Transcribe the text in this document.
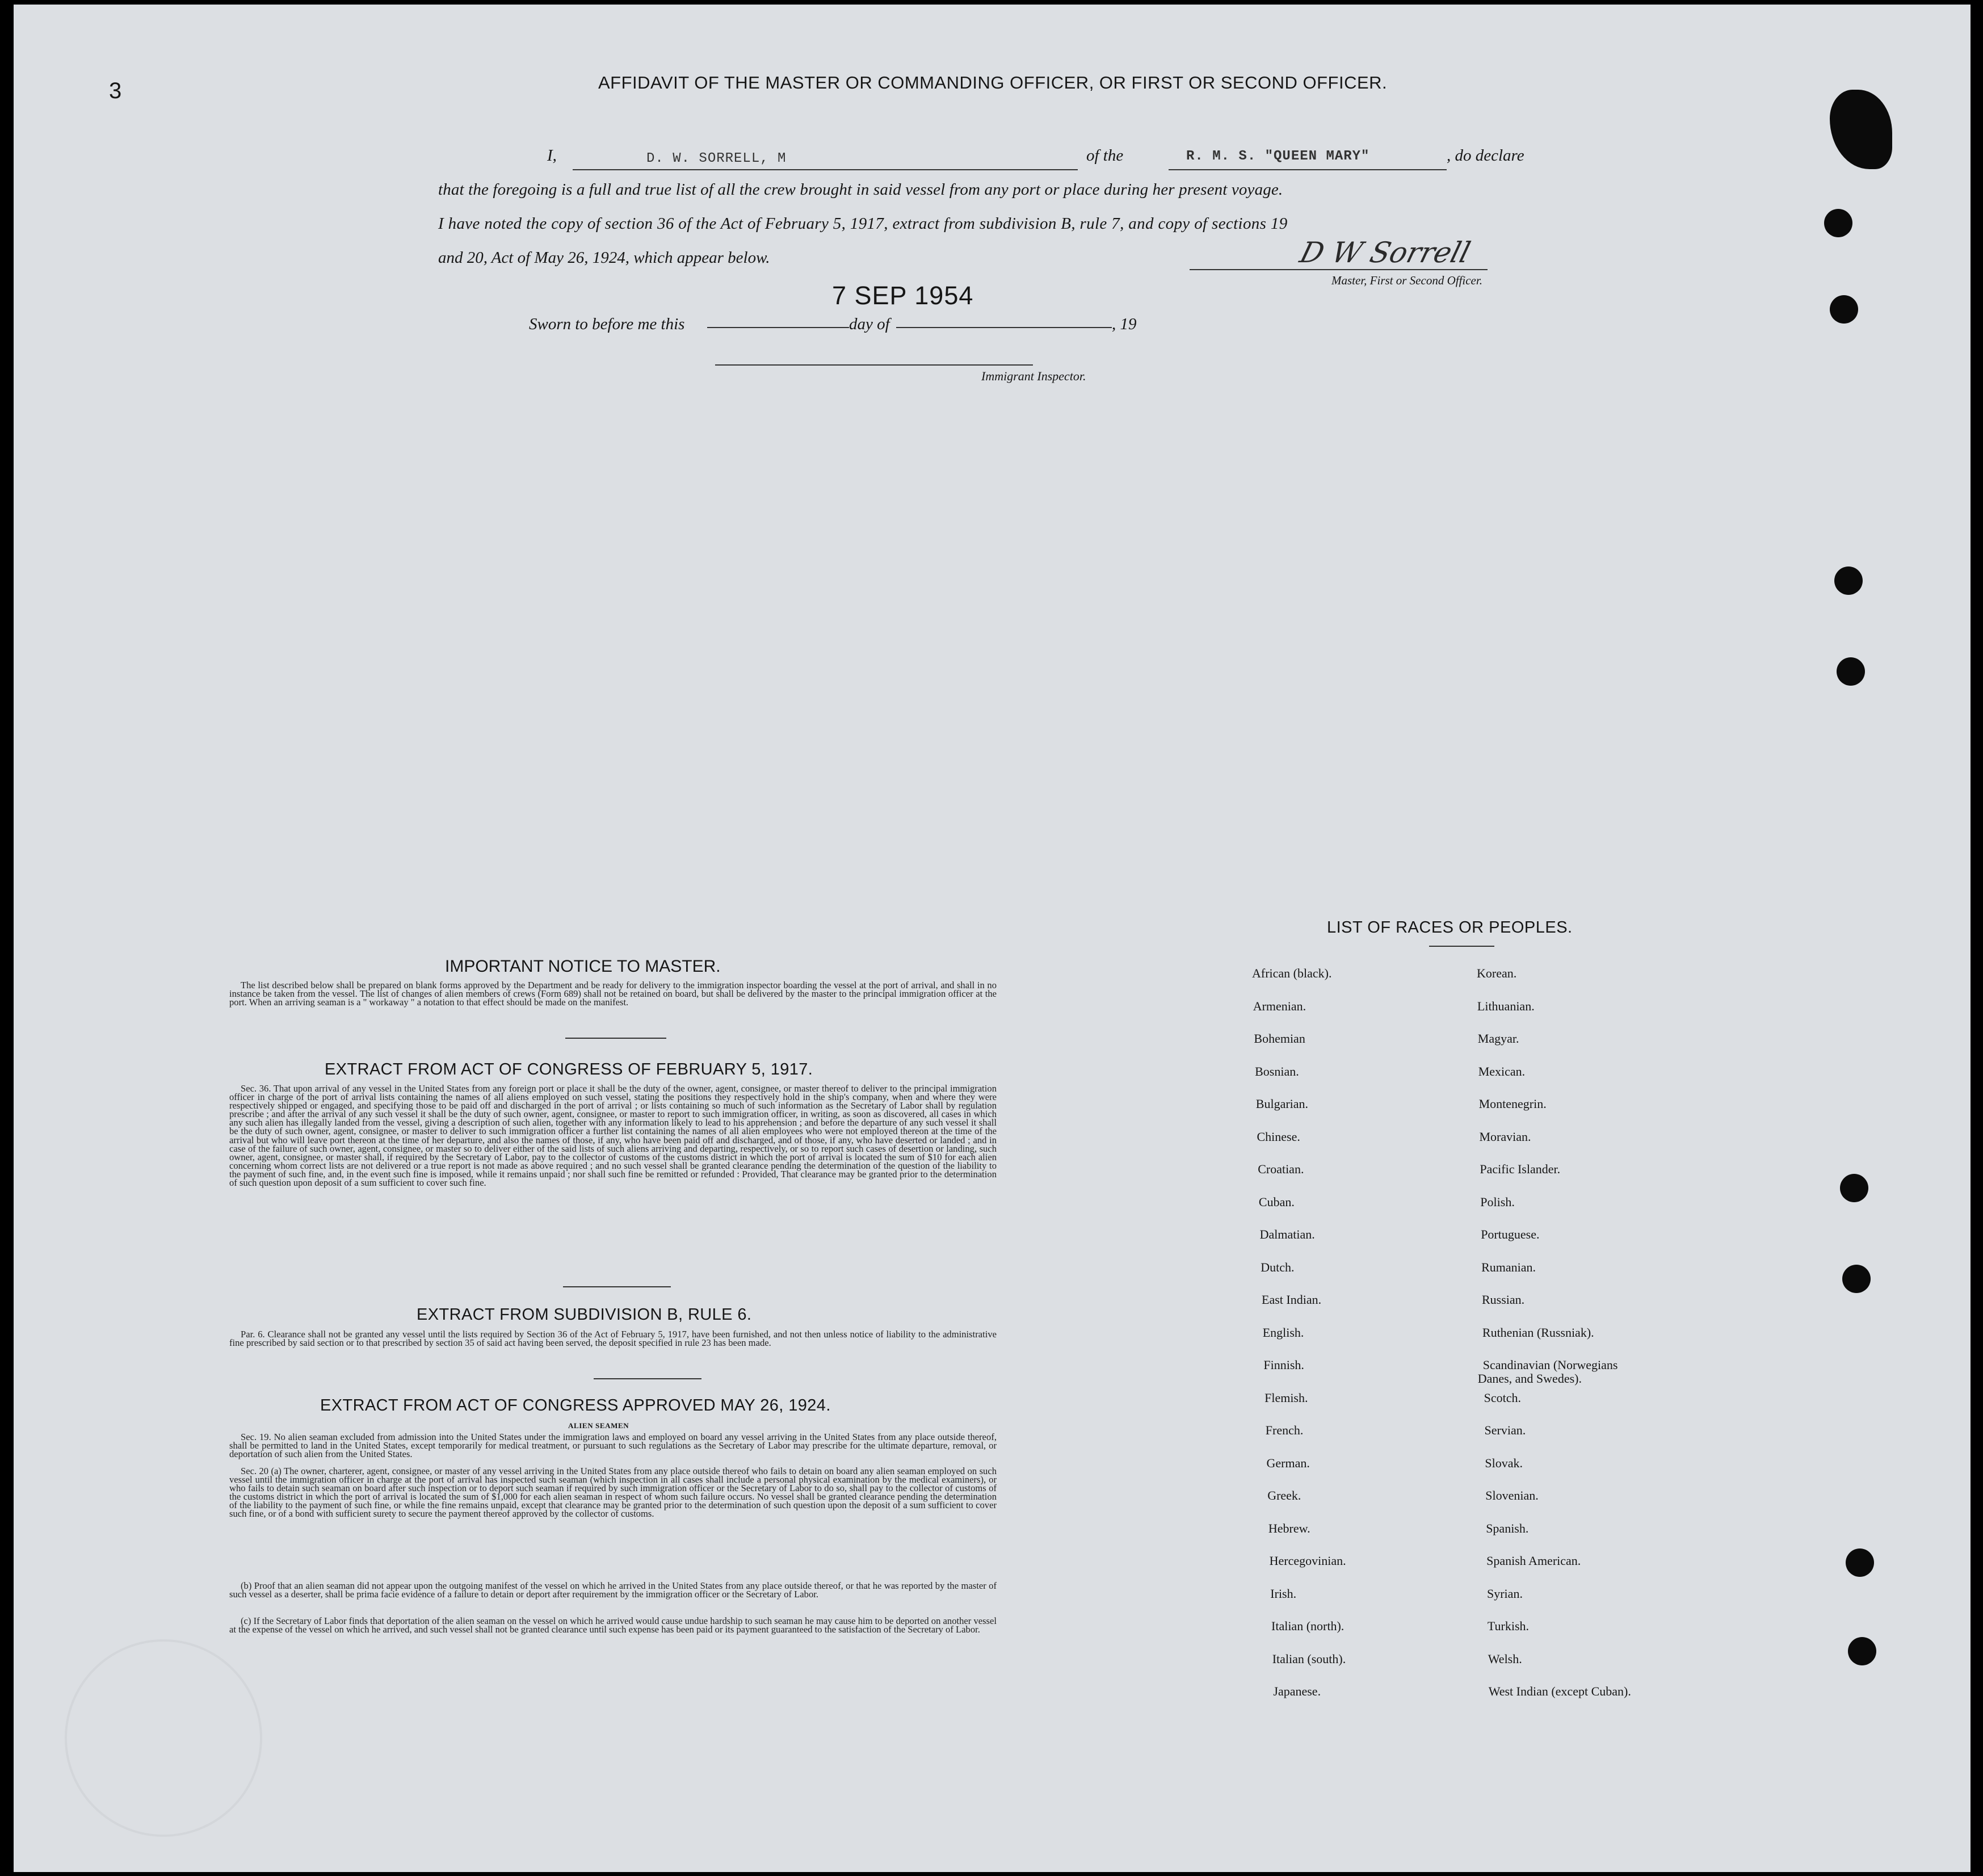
3	AFFIDAVIT OF THE MASTER OR COMMANDING OFFICER, OR FIRST OR SECOND OFFICER.
I,	D. W. SORRELL, M	of the	R. M. S. "QUEEN MARY"	, do declare
that the foregoing is a full and true list of all the crew brought in said vessel from any port or place during her present voyage.
I have noted the copy of section 36 of the Act of February 5, 1917, extract from subdivision B, rule 7, and copy of sections 19
and 20, Act of May 26, 1924, which appear below.	D W Sorrell
Master, First or Second Officer.
Sworn to before me this
7 SEP 1954
day of	, 19
Immigrant Inspector.
IMPORTANT NOTICE TO MASTER.

The list described below shall be prepared on blank forms approved by the Department and be ready for delivery to the immigration inspector boarding the vessel at the port of arrival, and shall in no instance be taken from the vessel. The list of changes of alien members of crews (Form 689) shall not be retained on board, but shall be delivered by the master to the principal immigration officer at the port. When an arriving seaman is a " workaway " a notation to that effect should be made on the manifest.

EXTRACT FROM ACT OF CONGRESS OF FEBRUARY 5, 1917.

Sec. 36. That upon arrival of any vessel in the United States from any foreign port or place it shall be the duty of the owner, agent, consignee, or master thereof to deliver to the principal immigration officer in charge of the port of arrival lists containing the names of all aliens employed on such vessel, stating the positions they respectively hold in the ship's company, when and where they were respectively shipped or engaged, and specifying those to be paid off and discharged in the port of arrival ; or lists containing so much of such information as the Secretary of Labor shall by regulation prescribe ; and after the arrival of any such vessel it shall be the duty of such owner, agent, consignee, or master to report to such immigration officer, in writing, as soon as discovered, all cases in which any such alien has illegally landed from the vessel, giving a description of such alien, together with any information likely to lead to his apprehension ; and before the departure of any such vessel it shall be the duty of such owner, agent, consignee, or master to deliver to such immigration officer a further list containing the names of all alien employees who were not employed thereon at the time of the arrival but who will leave port thereon at the time of her departure, and also the names of those, if any, who have been paid off and discharged, and of those, if any, who have deserted or landed ; and in case of the failure of such owner, agent, consignee, or master so to deliver either of the said lists of such aliens arriving and departing, respectively, or so to report such cases of desertion or landing, such owner, agent, consignee, or master shall, if required by the Secretary of Labor, pay to the collector of customs of the customs district in which the port of arrival is located the sum of $10 for each alien concerning whom correct lists are not delivered or a true report is not made as above required ; and no such vessel shall be granted clearance pending the determination of the question of the liability to the payment of such fine, and, in the event such fine is imposed, while it remains unpaid ; nor shall such fine be remitted or refunded : Provided, That clearance may be granted prior to the determination of such question upon deposit of a sum sufficient to cover such fine.

EXTRACT FROM SUBDIVISION B, RULE 6.

Par. 6. Clearance shall not be granted any vessel until the lists required by Section 36 of the Act of February 5, 1917, have been furnished, and not then unless notice of liability to the administrative fine prescribed by said section or to that prescribed by section 35 of said act having been served, the deposit specified in rule 23 has been made.

EXTRACT FROM ACT OF CONGRESS APPROVED MAY 26, 1924.
ALIEN SEAMEN

Sec. 19. No alien seaman excluded from admission into the United States under the immigration laws and employed on board any vessel arriving in the United States from any place outside thereof, shall be permitted to land in the United States, except temporarily for medical treatment, or pursuant to such regulations as the Secretary of Labor may prescribe for the ultimate departure, removal, or deportation of such alien from the United States.

Sec. 20 (a) The owner, charterer, agent, consignee, or master of any vessel arriving in the United States from any place outside thereof who fails to detain on board any alien seaman employed on such vessel until the immigration officer in charge at the port of arrival has inspected such seaman (which inspection in all cases shall include a personal physical examination by the medical examiners), or who fails to detain such seaman on board after such inspection or to deport such seaman if required by such immigration officer or the Secretary of Labor to do so, shall pay to the collector of customs of the customs district in which the port of arrival is located the sum of $1,000 for each alien seaman in respect of whom such failure occurs. No vessel shall be granted clearance pending the determination of the liability to the payment of such fine, or while the fine remains unpaid, except that clearance may be granted prior to the determination of such question upon the deposit of a sum sufficient to cover such fine, or of a bond with sufficient surety to secure the payment thereof approved by the collector of customs.

(b) Proof that an alien seaman did not appear upon the outgoing manifest of the vessel on which he arrived in the United States from any place outside thereof, or that he was reported by the master of such vessel as a deserter, shall be prima facie evidence of a failure to detain or deport after requirement by the immigration officer or the Secretary of Labor.

(c) If the Secretary of Labor finds that deportation of the alien seaman on the vessel on which he arrived would cause undue hardship to such seaman he may cause him to be deported on another vessel at the expense of the vessel on which he arrived, and such vessel shall not be granted clearance until such expense has been paid or its payment guaranteed to the satisfaction of the Secretary of Labor.

LIST OF RACES OR PEOPLES.
African (black).
Armenian.
Bohemian
Bosnian.
Bulgarian.
Chinese.
Croatian.
Cuban.
Dalmatian.
Dutch.
East Indian.
English.
Finnish.
Flemish.
French.
German.
Greek.
Hebrew.
Hercegovinian.
Irish.
Italian (north).
Italian (south).
Japanese.
Korean.
Lithuanian.
Magyar.
Mexican.
Montenegrin.
Moravian.
Pacific Islander.
Polish.
Portuguese.
Rumanian.
Russian.
Ruthenian (Russniak).
Scandinavian (Norwegians
Danes, and Swedes).
Scotch.
Servian.
Slovak.
Slovenian.
Spanish.
Spanish American.
Syrian.
Turkish.
Welsh.
West Indian (except Cuban).
